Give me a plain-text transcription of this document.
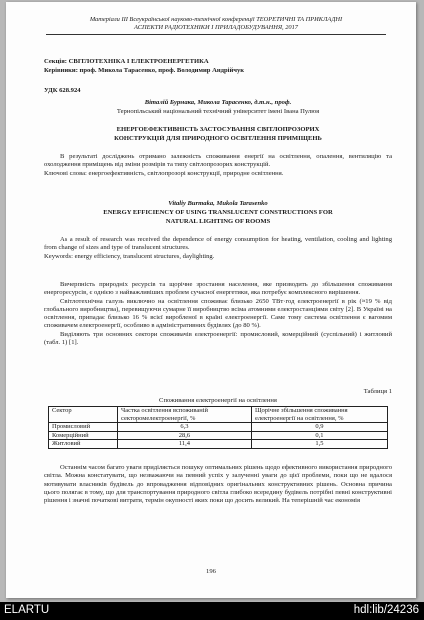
Матеріали ІІІ Всеукраїнської науково-технічної конференції ТЕОРЕТИЧНІ ТА ПРИКЛАДНІ
АСПЕКТИ РАДІОТЕХНІКИ І ПРИЛАДОБУДУВАННЯ, 2017
Секція: СВІТЛОТЕХНІКА І ЕЛЕКТРОЕНЕРГЕТИКА
Керівники: проф. Микола Тарасенко, проф. Володимир Андрійчук
УДК 628.924
Віталій Бурмака, Микола Тарасенко, д.т.н., проф.
Тернопільський національний технічний університет імені Івана Пулюя
ЕНЕРГОЕФЕКТИВНІСТЬ ЗАСТОСУВАННЯ СВІТЛОПРОЗОРИХ
КОНСТРУКЦІЙ ДЛЯ ПРИРОДНОГО ОСВІТЛЕННЯ ПРИМІЩЕНЬ

В результаті досліджень отримано залежність споживання енергії на освітлення, опалення, вентиляцію та охолодження приміщень від зміни розмірів та типу світлопрозорих конструкцій.

Ключові слова: енергоефективність, світлопрозорі конструкції, природне освітлення.

Vitaliy Burmaka, Mukola Tarasenko
ENERGY EFFICIENCY OF USING TRANSLUCENT CONSTRUCTIONS FOR
NATURAL LIGHTING OF ROOMS

As a result of research was received the dependence of energy consumption for heating, ventilation, cooling and lighting from change of sizes and type of translucent structures.

Keywords: energy efficiency, translucent structures, daylighting.

Вичерпність природніх ресурсів та щорічне зростання населення, яке призводить до збільшення споживання енергоресурсів, є однією з найважливіших проблем сучасної енергетики, яка потребує комплексного вирішення.

Світлотехнічна галузь виключно на освітлення споживає близько 2650 ТВт·год електроенергії в рік (≈19 % від глобального виробництва), перевищуючи сумарне її виробництво всіма атомними електростанціями світу [2]. В Україні на освітлення, припадає близько 16 % всієї виробленої в країні електроенергії. Саме тому система освітлення є вагомим споживачем електроенергії, особливо в адміністративних будівлях (до 80 %).

Виділяють три основних сектори споживачів електроенергії: промисловий, комерційний (суспільний) і житловий (табл. 1) [1].

Таблиця 1
Споживання електроенергії на освітлення
Сектор	Частка освітлення вспоживаній секторомелектроенергії, %	Щорічне збільшення споживання електроенергії на освітлення, %
Промисловий	6,3	0,9
Комерційний	28,6	0,1
Житловий	11,4	1,5

Останнім часом багато уваги приділяється пошуку оптимальних рішень щодо ефективного використання природного світла. Можна констатувати, що незважаючи на певний успіх у залученні уваги до цієї проблеми, поки що не вдалося мотивувати власників будівель до впровадження відповідних оригінальних конструктивних рішень. Основна причина цього полягає в тому, що для транспортування природного світла глибоко всередину будівель потрібні певні конструктивні рішення і значні початкові витрати, термін окупності яких поки що досить великий. На теперішній час економія

196
ELARTU	hdl:lib/24236
